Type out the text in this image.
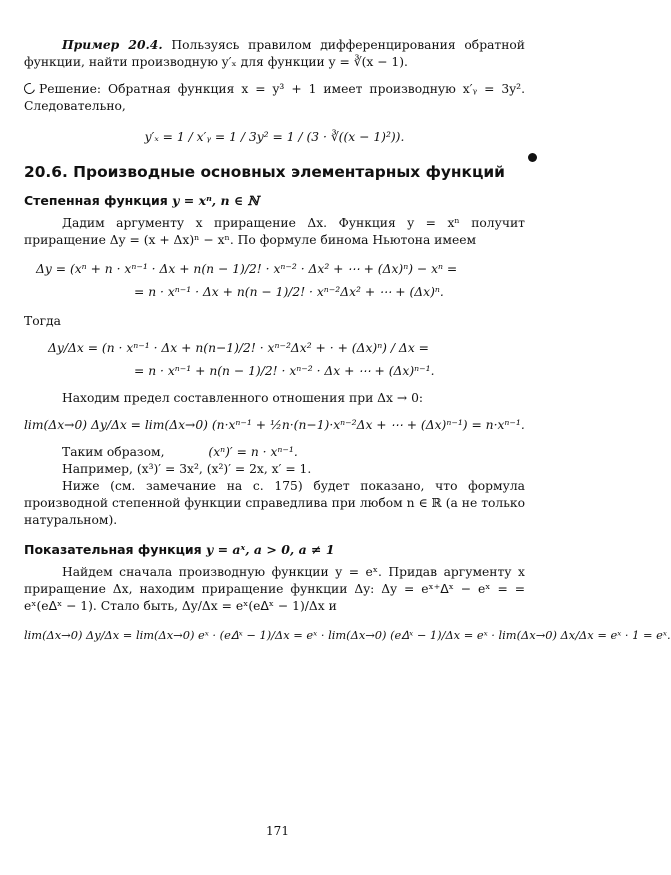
Пример 20.4. Пользуясь правилом дифференцирования обратной функции, найти производную y′ₓ для функции y = ∛(x − 1).

Решение: Обратная функция x = y³ + 1 имеет производную x′ᵧ = 3y². Следовательно,

y′ₓ = 1 / x′ᵧ = 1 / 3y² = 1 / (3 · ∛((x − 1)²)).
20.6. Производные основных элементарных функций
Степенная функция y = xⁿ, n ∈ ℕ

Дадим аргументу x приращение Δx. Функция y = xⁿ получит приращение Δy = (x + Δx)ⁿ − xⁿ. По формуле бинома Ньютона имеем

Δy = (xⁿ + n · xⁿ⁻¹ · Δx + n(n − 1)/2! · xⁿ⁻² · Δx² + ⋯ + (Δx)ⁿ) − xⁿ =
= n · xⁿ⁻¹ · Δx + n(n − 1)/2! · xⁿ⁻²Δx² + ⋯ + (Δx)ⁿ.

Тогда

Δy/Δx = (n · xⁿ⁻¹ · Δx + n(n−1)/2! · xⁿ⁻²Δx² + · + (Δx)ⁿ) / Δx =
= n · xⁿ⁻¹ + n(n − 1)/2! · xⁿ⁻² · Δx + ⋯ + (Δx)ⁿ⁻¹.

Находим предел составленного отношения при Δx → 0:

lim(Δx→0) Δy/Δx = lim(Δx→0) (n·xⁿ⁻¹ + ½n·(n−1)·xⁿ⁻²Δx + ⋯ + (Δx)ⁿ⁻¹) = n·xⁿ⁻¹.

Таким образом,	(xⁿ)′ = n · xⁿ⁻¹.

Например, (x³)′ = 3x², (x²)′ = 2x, x′ = 1.

Ниже (см. замечание на с. 175) будет показано, что формула производной степенной функции справедлива при любом n ∈ ℝ (а не только натуральном).

Показательная функция y = aˣ, a > 0, a ≠ 1

Найдем сначала производную функции y = eˣ. Придав аргументу x приращение Δx, находим приращение функции Δy: Δy = eˣ⁺ᐃˣ − eˣ = = eˣ(eᐃˣ − 1). Стало быть, Δy/Δx = eˣ(eᐃˣ − 1)/Δx и

lim(Δx→0) Δy/Δx = lim(Δx→0) eˣ · (eᐃˣ − 1)/Δx = eˣ · lim(Δx→0) (eᐃˣ − 1)/Δx = eˣ · lim(Δx→0) Δx/Δx = eˣ · 1 = eˣ.
171
